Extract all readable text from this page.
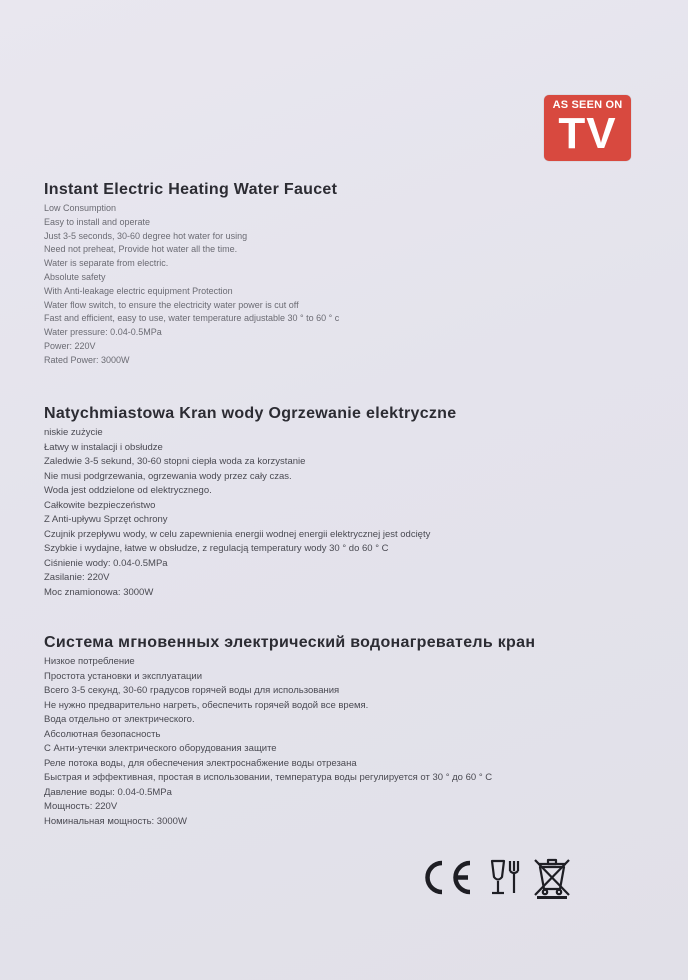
AS SEEN ON
TV
Instant Electric Heating Water Faucet
Low Consumption
Easy to install and operate
Just 3-5 seconds, 30-60 degree hot water for using
Need not preheat, Provide hot water all the time.
Water is separate from electric.
Absolute safety
With Anti-leakage electric equipment Protection
Water flow switch, to ensure the electricity water power is cut off
Fast and efficient, easy to use, water temperature adjustable 30 ° to 60 ° c
Water pressure: 0.04-0.5MPa
Power: 220V
Rated Power: 3000W
Natychmiastowa Kran wody Ogrzewanie elektryczne
niskie zużycie
Łatwy w instalacji i obsłudze
Zaledwie 3-5 sekund, 30-60 stopni ciepła woda za korzystanie
Nie musi podgrzewania, ogrzewania wody przez cały czas.
Woda jest oddzielone od elektrycznego.
Całkowite bezpieczeństwo
Z Anti-upływu Sprzęt ochrony
Czujnik przepływu wody, w celu zapewnienia energii wodnej energii elektrycznej jest odcięty
Szybkie i wydajne, łatwe w obsłudze, z regulacją temperatury wody 30 ° do 60 ° C
Ciśnienie wody: 0.04-0.5MPa
Zasilanie: 220V
Moc znamionowa: 3000W
Система мгновенных электрический водонагреватель кран
Низкое потребление
Простота установки и эксплуатации
Всего 3-5 секунд, 30-60 градусов горячей воды для использования
Не нужно предварительно нагреть, обеспечить горячей водой все время.
Вода отдельно от электрического.
Абсолютная безопасность
С Анти-утечки электрического оборудования защите
Реле потока воды, для обеспечения электроснабжение воды отрезана
Быстрая и эффективная, простая в использовании, температура воды регулируется от 30 ° до 60 ° С
Давление воды: 0.04-0.5MPa
Мощность: 220V
Номинальная мощность: 3000W
